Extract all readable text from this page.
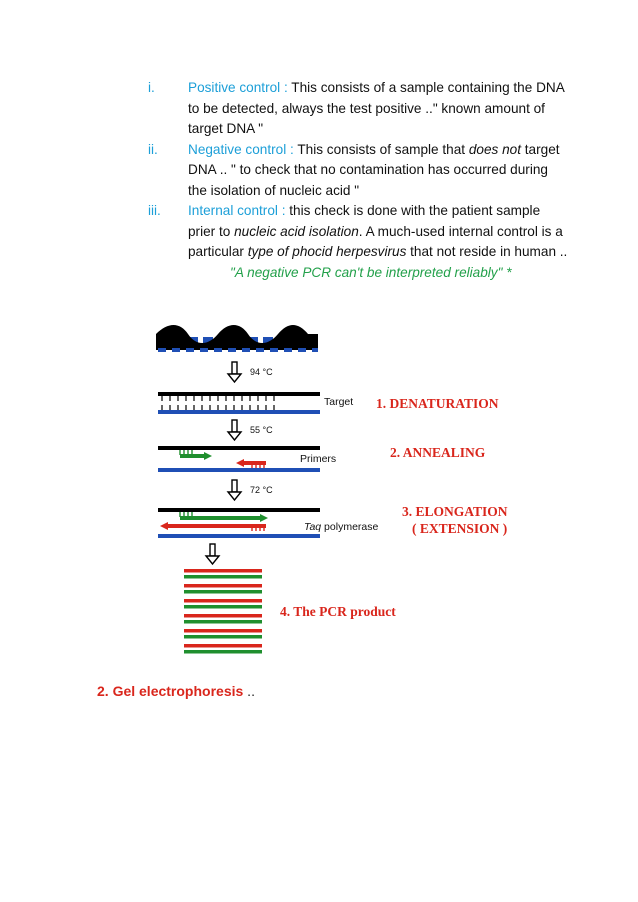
i.	Positive control : This consists of a sample containing the DNA to be detected, always the test positive .." known amount of target DNA "
ii.	Negative control : This consists of sample that does not target DNA .. " to check that no contamination has occurred during the isolation of nucleic acid "
iii.	Internal control : this check is done with the patient sample prier to nucleic acid isolation. A much-used internal control is a particular type of phocid herpesvirus that not reside in human ..
"A negative PCR can't be interpreted reliably" *
94 °C
Target 1. DENATURATION
55 °C
Primers	2. ANNEALING
72 °C
Taq polymerase
3. ELONGATION
( EXTENSION )
4. The PCR product
2. Gel electrophoresis ..
